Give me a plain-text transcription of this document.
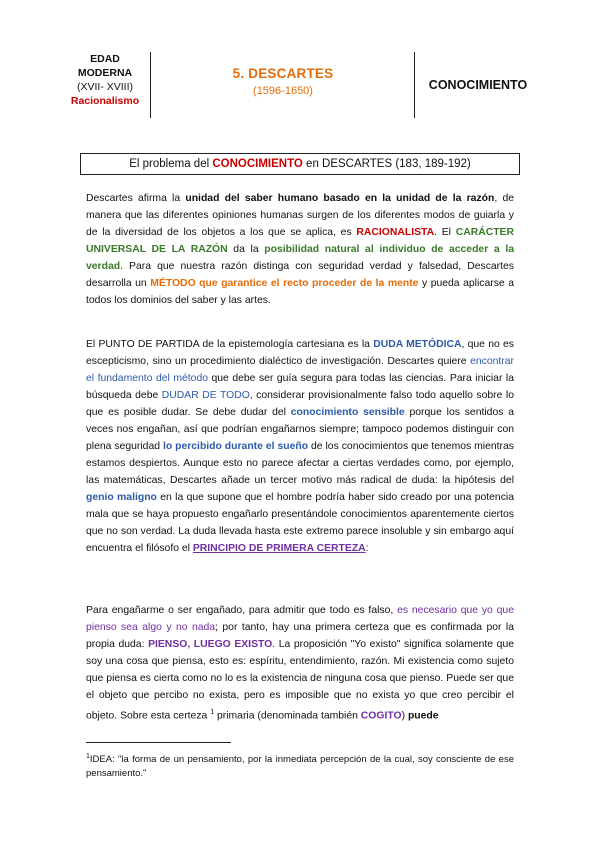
EDAD
MODERNA
(XVII- XVIII)
Racionalismo
5. DESCARTES
(1596-1650)	CONOCIMIENTO
El problema del CONOCIMIENTO en DESCARTES (183, 189-192)
Descartes afirma la unidad del saber humano basado en la unidad de la razón, de manera que las diferentes opiniones humanas surgen de los diferentes modos de guiarla y de la diversidad de los objetos a los que se aplica, es RACIONALISTA. El CARÁCTER UNIVERSAL DE LA RAZÓN da la posibilidad natural al individuo de acceder a la verdad. Para que nuestra razón distinga con seguridad verdad y falsedad, Descartes desarrolla un MÉTODO que garantice el recto proceder de la mente y pueda aplicarse a todos los dominios del saber y las artes.
El PUNTO DE PARTIDA de la epistemología cartesiana es la DUDA METÓDICA, que no es escepticismo, sino un procedimiento dialéctico de investigación. Descartes quiere encontrar el fundamento del método que debe ser guía segura para todas las ciencias. Para iniciar la búsqueda debe DUDAR DE TODO, considerar provisionalmente falso todo aquello sobre lo que es posible dudar. Se debe dudar del conocimiento sensible porque los sentidos a veces nos engañan, así que podrían engañarnos siempre; tampoco podemos distinguir con plena seguridad lo percibido durante el sueño de los conocimientos que tenemos mientras estamos despiertos. Aunque esto no parece afectar a ciertas verdades como, por ejemplo, las matemáticas, Descartes añade un tercer motivo más radical de duda: la hipótesis del genio maligno en la que supone que el hombre podría haber sido creado por una potencia mala que se haya propuesto engañarlo presentándole conocimientos aparentemente ciertos que no son verdad. La duda llevada hasta este extremo parece insoluble y sin embargo aquí encuentra el filósofo el PRINCIPIO DE PRIMERA CERTEZA:
Para engañarme o ser engañado, para admitir que todo es falso, es necesario que yo que pienso sea algo y no nada; por tanto, hay una primera certeza que es confirmada por la propia duda: PIENSO, LUEGO EXISTO. La proposición "Yo existo" significa solamente que soy una cosa que piensa, esto es: espíritu, entendimiento, razón. Mi existencia como sujeto que piensa es cierta como no lo es la existencia de ninguna cosa que pienso. Puede ser que el objeto que percibo no exista, pero es imposible que no exista yo que creo percibir el objeto. Sobre esta certeza $^1$ primaria (denominada también COGITO) puede
$^1$IDEA: "la forma de un pensamiento, por la inmediata percepción de la cual, soy consciente de ese pensamiento."
